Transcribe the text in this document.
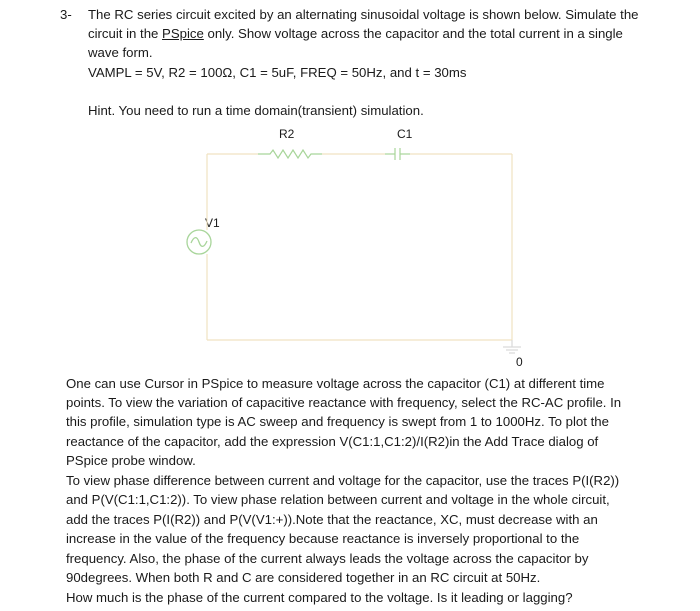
3- The RC series circuit excited by an alternating sinusoidal voltage is shown below. Simulate the
circuit in the PSpice only. Show voltage across the capacitor and the total current in a single
wave form.
VAMPL = 5V, R2 = 100Ω, C1 = 5uF, FREQ = 50Hz, and t = 30ms
Hint. You need to run a time domain(transient) simulation.
R2	C1
V1
0
One can use Cursor in PSpice to measure voltage across the capacitor (C1) at different time
points. To view the variation of capacitive reactance with frequency, select the RC-AC profile. In
this profile, simulation type is AC sweep and frequency is swept from 1 to 1000Hz. To plot the
reactance of the capacitor, add the expression V(C1:1,C1:2)/I(R2)in the Add Trace dialog of
PSpice probe window.
To view phase difference between current and voltage for the capacitor, use the traces P(I(R2))
and P(V(C1:1,C1:2)). To view phase relation between current and voltage in the whole circuit,
add the traces P(I(R2)) and P(V(V1:+)).Note that the reactance, XC, must decrease with an
increase in the value of the frequency because reactance is inversely proportional to the
frequency. Also, the phase of the current always leads the voltage across the capacitor by
90degrees. When both R and C are considered together in an RC circuit at 50Hz.
How much is the phase of the current compared to the voltage. Is it leading or lagging?
